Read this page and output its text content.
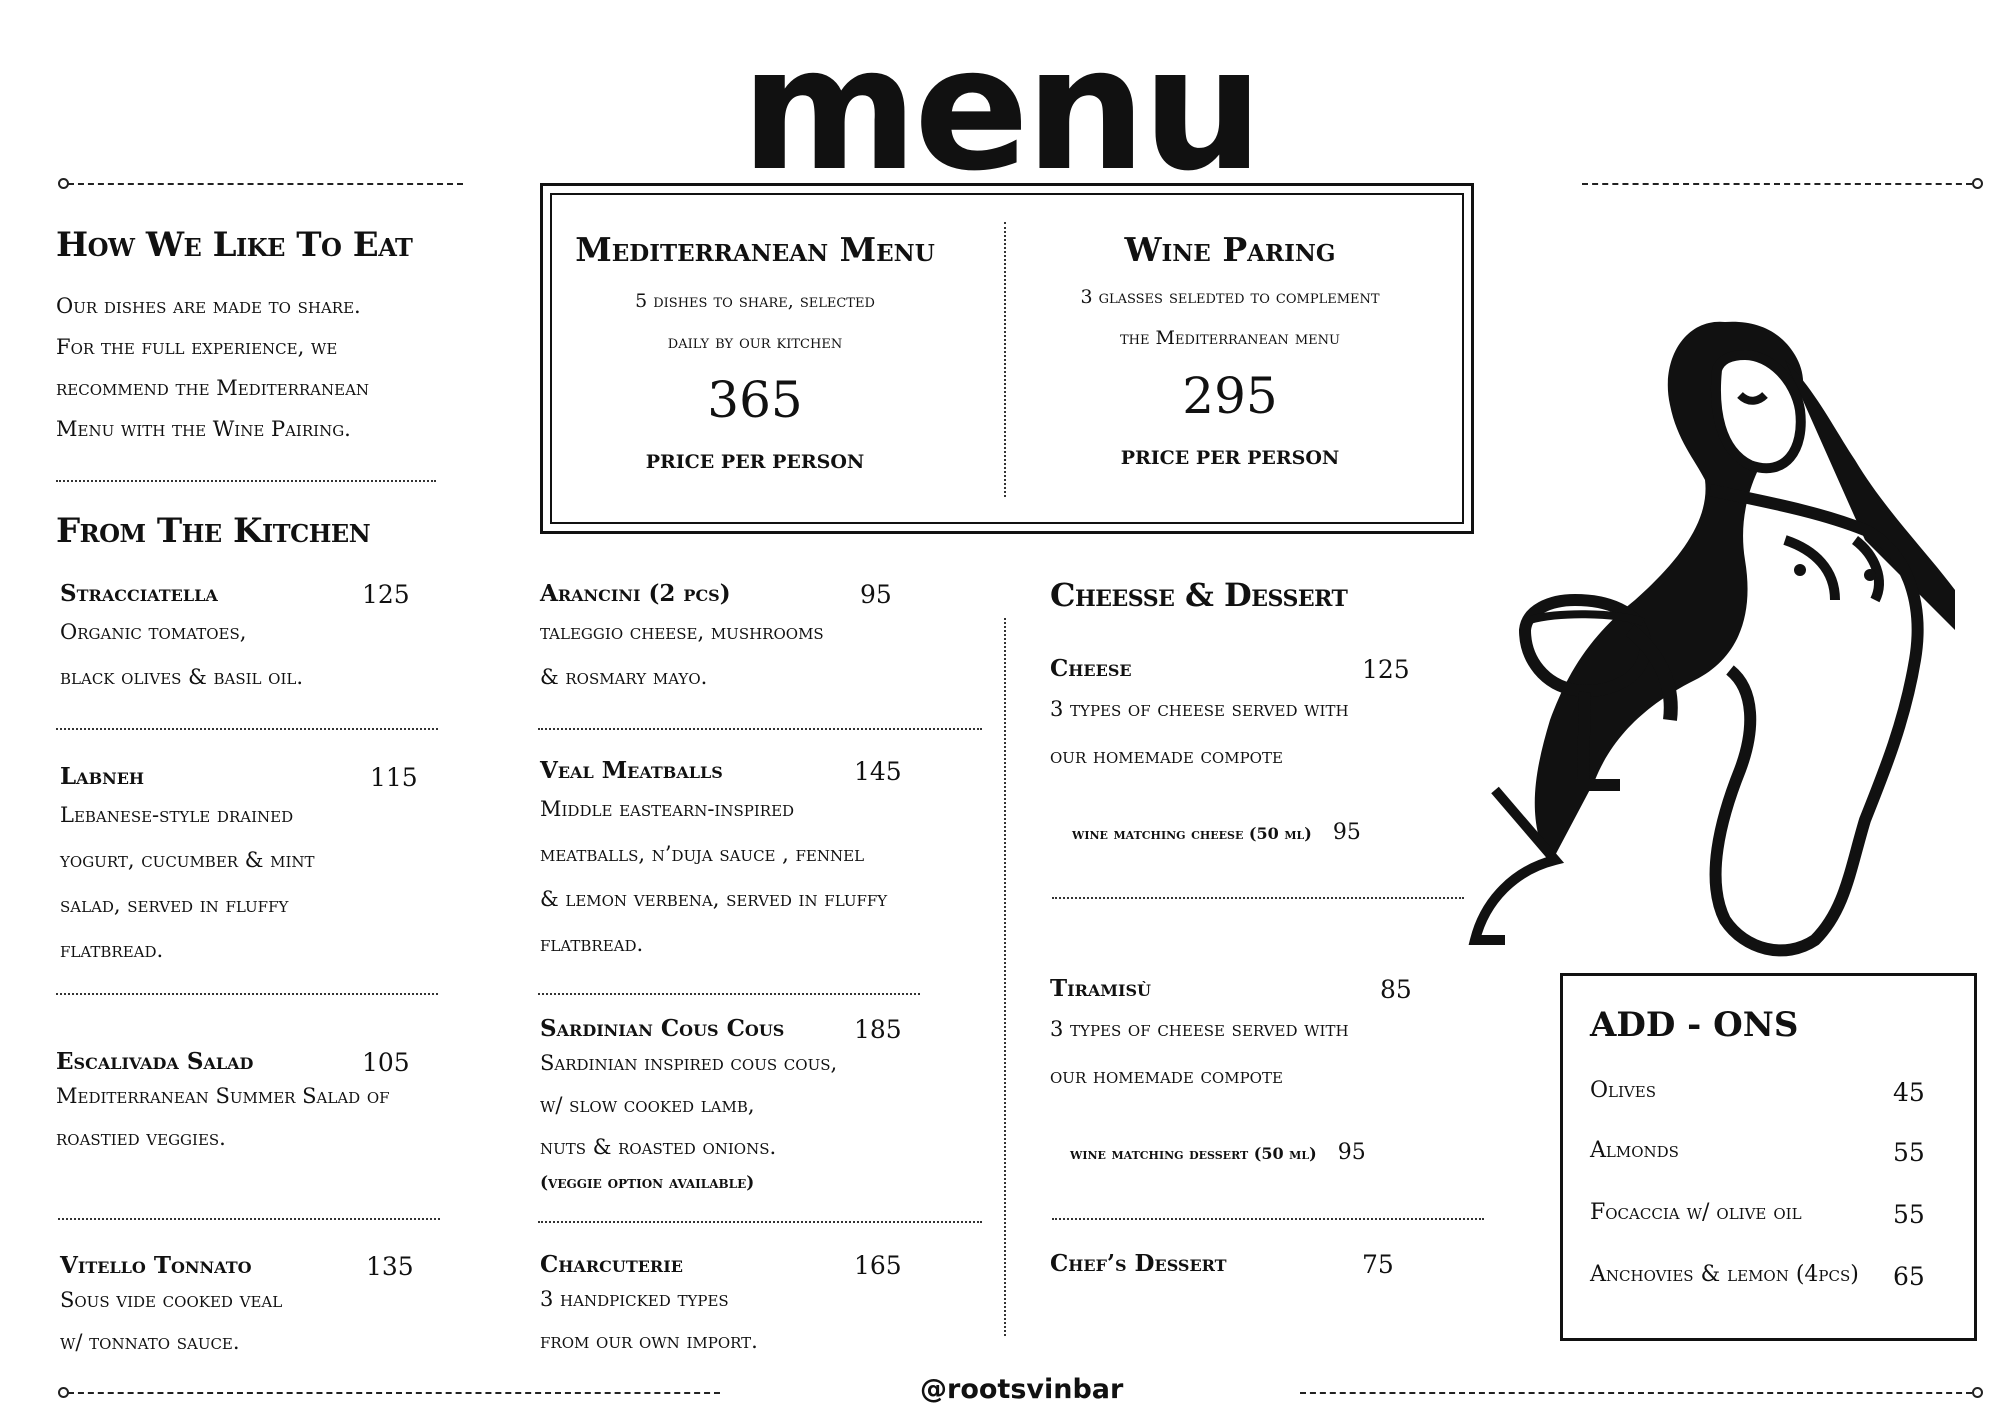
menu
How We Like To Eat
Our dishes are made to share.
For the full experience, we
recommend the Mediterranean
Menu with the Wine Pairing.
Mediterranean Menu
5 dishes to share, selected
daily by our kitchen
365
PRICE PER PERSON
Wine Paring
3 glasses seledted to complement
the Mediterranean menu
295
PRICE PER PERSON
From The Kitchen
Stracciatella	125
Organic tomatoes,
black olives & basil oil.
Labneh	115
Lebanese-style drained
yogurt, cucumber & mint
salad, served in fluffy
flatbread.
Escalivada Salad	105
Mediterranean Summer Salad of
roastied veggies.
Vitello Tonnato	135
Sous vide cooked veal
w/ tonnato sauce.
Arancini (2 pcs)	95
taleggio cheese, mushrooms
& rosmary mayo.
Veal Meatballs	145
Middle eastearn-inspired
meatballs, n’duja sauce , fennel
& lemon verbena, served in fluffy
flatbread.
Sardinian Cous Cous	185
Sardinian inspired cous cous,
w/ slow cooked lamb,
nuts & roasted onions.
(veggie option available)
Charcuterie	165
3 handpicked types
from our own import.
Cheesse & Dessert
Cheese	125
3 types of cheese served with
our homemade compote
wine matching cheese (50 ml) 95
Tiramisù	85
3 types of cheese served with
our homemade compote
wine matching dessert (50 ml) 95
Chef’s Dessert	75
ADD - ONS
Olives	45
Almonds	55
Focaccia w/ olive oil	55
Anchovies & lemon (4pcs) 65
@rootsvinbar
